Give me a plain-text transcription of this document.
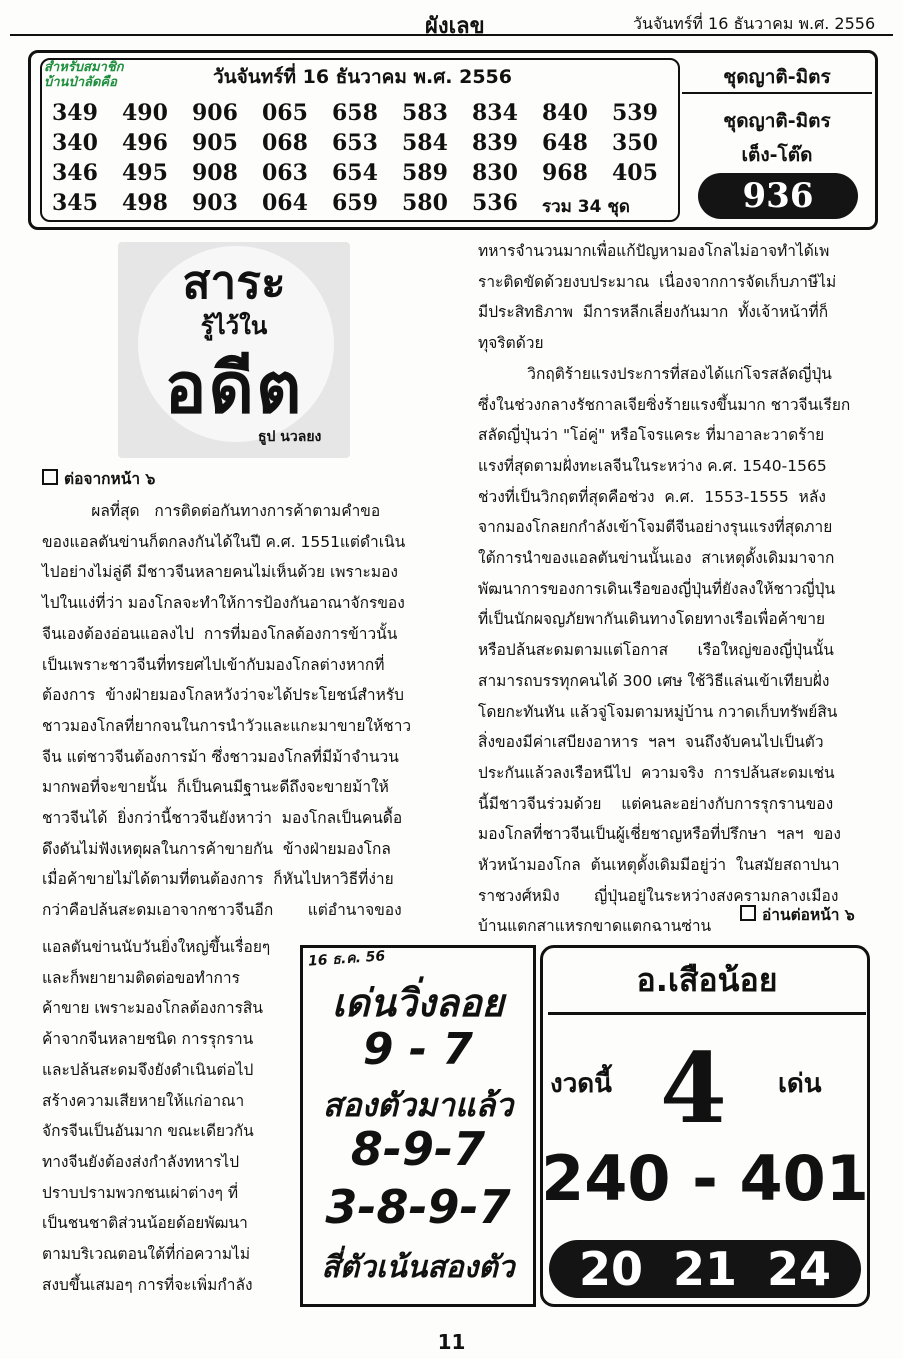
ผังเลข	วันจันทร์ที่ 16 ธันวาคม พ.ศ. 2556
สำหรับสมาชิก
บ้านป่าลัดคือ	วันจันทร์ที่ 16 ธันวาคม พ.ศ. 2556
349	490	906	065	658	583	834	840	539
340	496	905	068	653	584	839	648	350
346	495	908	063	654	589	830	968	405
345	498	903	064	659	580	536	รวม 34 ชุด
ชุดญาติ-มิตร
ชุดญาติ-มิตร
เต็ง-โต๊ด
936
สาระ
รู้ไว้ใน
อดีต
ธูป นวลยง
ต่อจากหน้า ๖
ผลที่สุด   การติดต่อกันทางการค้าตามคำขอ
ของแอลตันข่านก็ตกลงกันได้ในปี ค.ศ. 1551แต่ดำเนิน
ไปอย่างไม่ลู่ดี มีชาวจีนหลายคนไม่เห็นด้วย เพราะมอง
ไปในแง่ที่ว่า มองโกลจะทำให้การป้องกันอาณาจักรของ
จีนเองต้องอ่อนแอลงไป  การที่มองโกลต้องการข้าวนั้น
เป็นเพราะชาวจีนที่ทรยศไปเข้ากับมองโกลต่างหากที่
ต้องการ  ข้างฝ่ายมองโกลหวังว่าจะได้ประโยชน์สำหรับ
ชาวมองโกลที่ยากจนในการนำวัวและแกะมาขายให้ชาว
จีน แต่ชาวจีนต้องการม้า ซึ่งชาวมองโกลที่มีม้าจำนวน
มากพอที่จะขายนั้น  ก็เป็นคนมีฐานะดีถึงจะขายม้าให้
ชาวจีนได้  ยิ่งกว่านี้ชาวจีนยังหาว่า  มองโกลเป็นคนดื้อ
ดึงดันไม่ฟังเหตุผลในการค้าขายกัน  ข้างฝ่ายมองโกล
เมื่อค้าขายไม่ได้ตามที่ตนต้องการ  ก็หันไปหาวิธีที่ง่าย
กว่าคือปล้นสะดมเอาจากชาวจีนอีก       แต่อำนาจของ
ทหารจำนวนมากเพื่อแก้ปัญหามองโกลไม่อาจทำได้เพ
ราะติดขัดด้วยงบประมาณ  เนื่องจากการจัดเก็บภาษีไม่
มีประสิทธิภาพ  มีการหลีกเลี่ยงกันมาก  ทั้งเจ้าหน้าที่ก็
ทุจริตด้วย
วิกฤติร้ายแรงประการที่สองได้แก่โจรสลัดญี่ปุ่น
ซึ่งในช่วงกลางรัชกาลเจียซิ่งร้ายแรงขึ้นมาก ชาวจีนเรียก
สลัดญี่ปุ่นว่า "โอ่คู่" หรือโจรแคระ ที่มาอาละวาดร้าย
แรงที่สุดตามฝั่งทะเลจีนในระหว่าง ค.ศ. 1540-1565
ช่วงที่เป็นวิกฤตที่สุดคือช่วง  ค.ศ.  1553-1555  หลัง
จากมองโกลยกกำลังเข้าโจมตีจีนอย่างรุนแรงที่สุดภาย
ใต้การนำของแอลตันข่านนั้นเอง  สาเหตุดั้งเดิมมาจาก
พัฒนาการของการเดินเรือของญี่ปุ่นที่ยังลงให้ชาวญี่ปุ่น
ที่เป็นนักผจญภัยพากันเดินทางโดยทางเรือเพื่อค้าขาย
หรือปล้นสะดมตามแต่โอกาส      เรือใหญ่ของญี่ปุ่นนั้น
สามารถบรรทุกคนได้ 300 เศษ ใช้วิธีแล่นเข้าเทียบฝั่ง
โดยกะทันหัน แล้วจู่โจมตามหมู่บ้าน กวาดเก็บทรัพย์สิน
สิ่งของมีค่าเสบียงอาหาร  ฯลฯ  จนถึงจับคนไปเป็นตัว
ประกันแล้วลงเรือหนีไป  ความจริง  การปล้นสะดมเช่น
นี้มีชาวจีนร่วมด้วย    แต่คนละอย่างกับการรุกรานของ
มองโกลที่ชาวจีนเป็นผู้เชี่ยชาญหรือที่ปรึกษา  ฯลฯ  ของ
หัวหน้ามองโกล  ต้นเหตุดั้งเดิมมีอยู่ว่า  ในสมัยสถาปนา
ราชวงศ์หมิง       ญี่ปุ่นอยู่ในระหว่างสงครามกลางเมือง
บ้านแตกสาแหรกขาดแตกฉานซ่าน
อ่านต่อหน้า ๖
แอลตันข่านนับวันยิ่งใหญ่ขึ้นเรื่อยๆ
และก็พยายามติดต่อขอทำการ
ค้าขาย เพราะมองโกลต้องการสิน
ค้าจากจีนหลายชนิด การรุกราน
และปล้นสะดมจึงยังดำเนินต่อไป
สร้างความเสียหายให้แก่อาณา
จักรจีนเป็นอันมาก ขณะเดียวกัน
ทางจีนยังต้องส่งกำลังทหารไป
ปราบปรามพวกชนเผ่าต่างๆ ที่
เป็นชนชาติส่วนน้อยด้อยพัฒนา
ตามบริเวณตอนใต้ที่ก่อความไม่
สงบขึ้นเสมอๆ การที่จะเพิ่มกำลัง
16 ธ.ค. 56
เด่นวิ่งลอย
9 - 7
สองตัวมาแล้ว
8-9-7
3-8-9-7
สี่ตัวเน้นสองตัว
อ.เสือน้อย
งวดนี้ 4 เด่น
240 - 401
20 21 24
11
